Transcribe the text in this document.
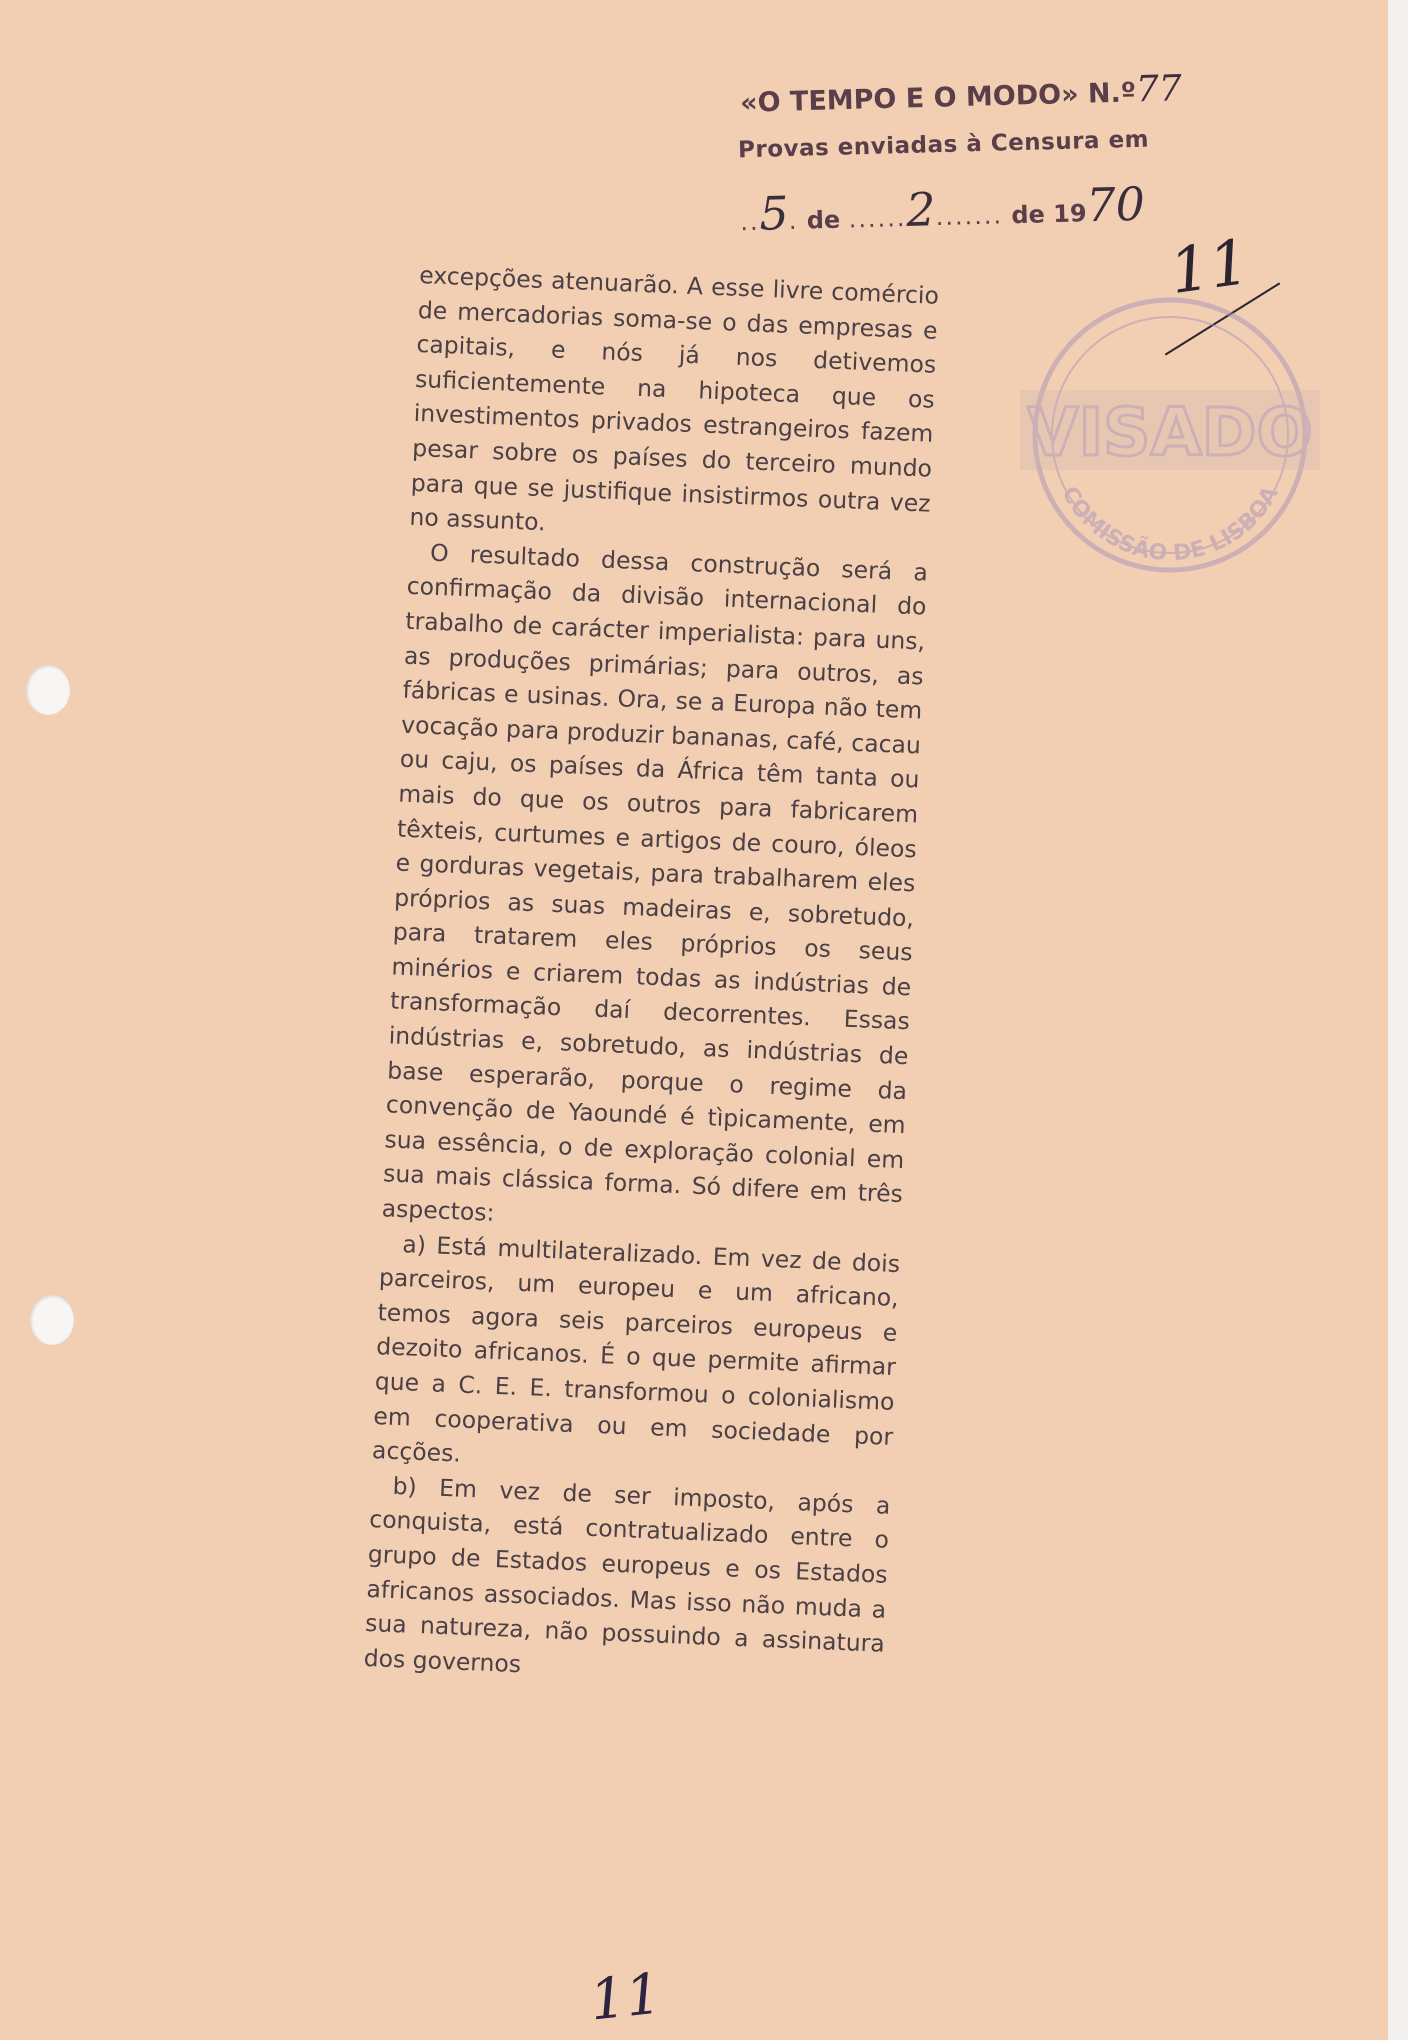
«O TEMPO E O MODO» N.º77
Provas enviadas à Censura em
..5. de ......2....... de 1970
11
VISADO
COMISSÃO DE LISBOA

excepções atenuarão. A esse livre comércio de mercadorias soma-se o das empresas e capitais, e nós já nos detivemos suficientemente na hipoteca que os investimentos privados estrangeiros fazem pesar sobre os países do terceiro mundo para que se justifique insistirmos outra vez no assunto.

O resultado dessa construção será a confirmação da divisão internacional do trabalho de carácter imperialista: para uns, as produções primárias; para outros, as fábricas e usinas. Ora, se a Europa não tem vocação para produzir bananas, café, cacau ou caju, os países da África têm tanta ou mais do que os outros para fabricarem têxteis, curtumes e artigos de couro, óleos e gorduras vegetais, para trabalharem eles próprios as suas madeiras e, sobretudo, para tratarem eles próprios os seus minérios e criarem todas as indústrias de transformação daí decorrentes. Essas indústrias e, sobretudo, as indústrias de base esperarão, porque o regime da convenção de Yaoundé é tìpicamente, em sua essência, o de exploração colonial em sua mais clássica forma. Só difere em três aspectos:

a) Está multilateralizado. Em vez de dois parceiros, um europeu e um africano, temos agora seis parceiros europeus e dezoito africanos. É o que permite afirmar que a C. E. E. transformou o colonialismo em cooperativa ou em sociedade por acções.

b) Em vez de ser imposto, após a conquista, está contratualizado entre o grupo de Estados europeus e os Estados africanos associados. Mas isso não muda a sua natureza, não possuindo a assinatura dos governos

11
